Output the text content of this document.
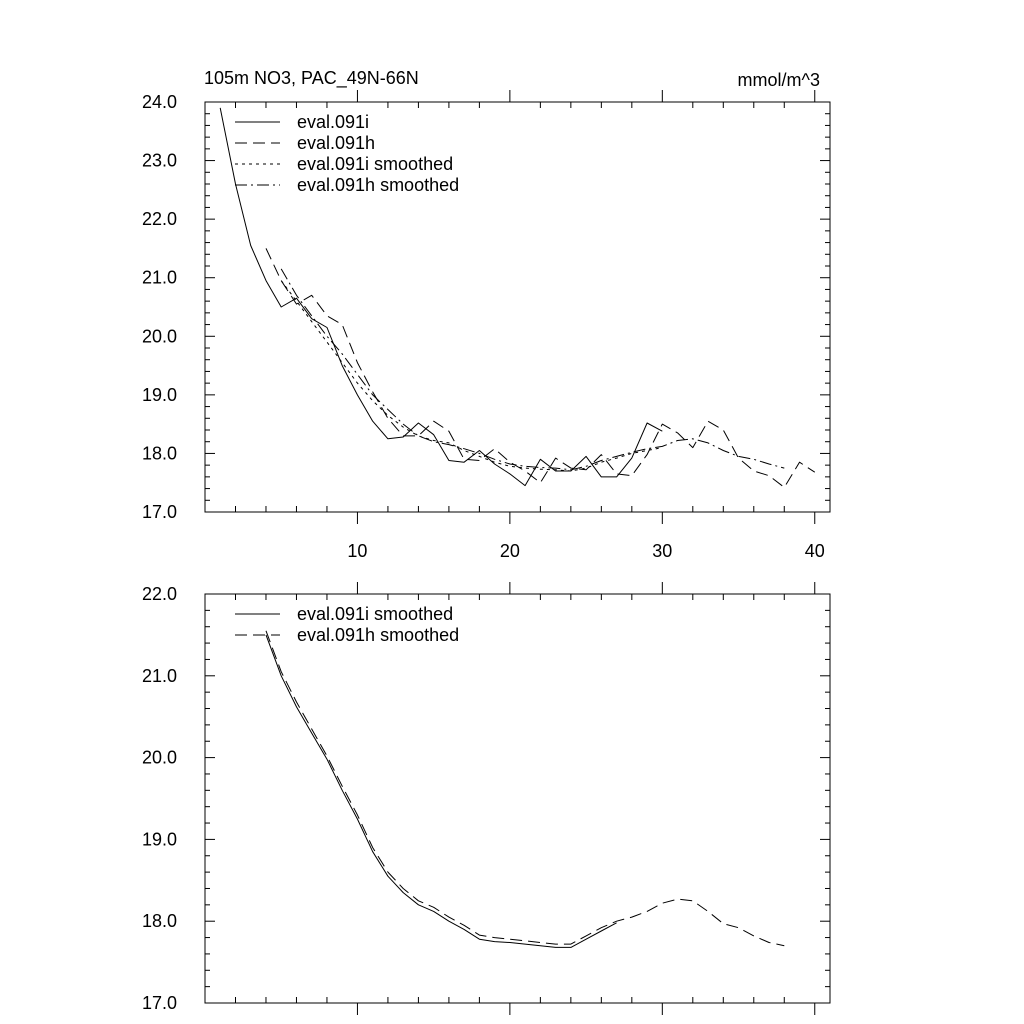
105m NO3, PAC_49N-66N	mmol/m^3
17.0
18.0
19.0
20.0
21.0
22.0
23.0
24.0
10	20	30	40
eval.091i
eval.091h
eval.091i smoothed
eval.091h smoothed
17.0
18.0
19.0
20.0
21.0
22.0
eval.091i smoothed
eval.091h smoothed
